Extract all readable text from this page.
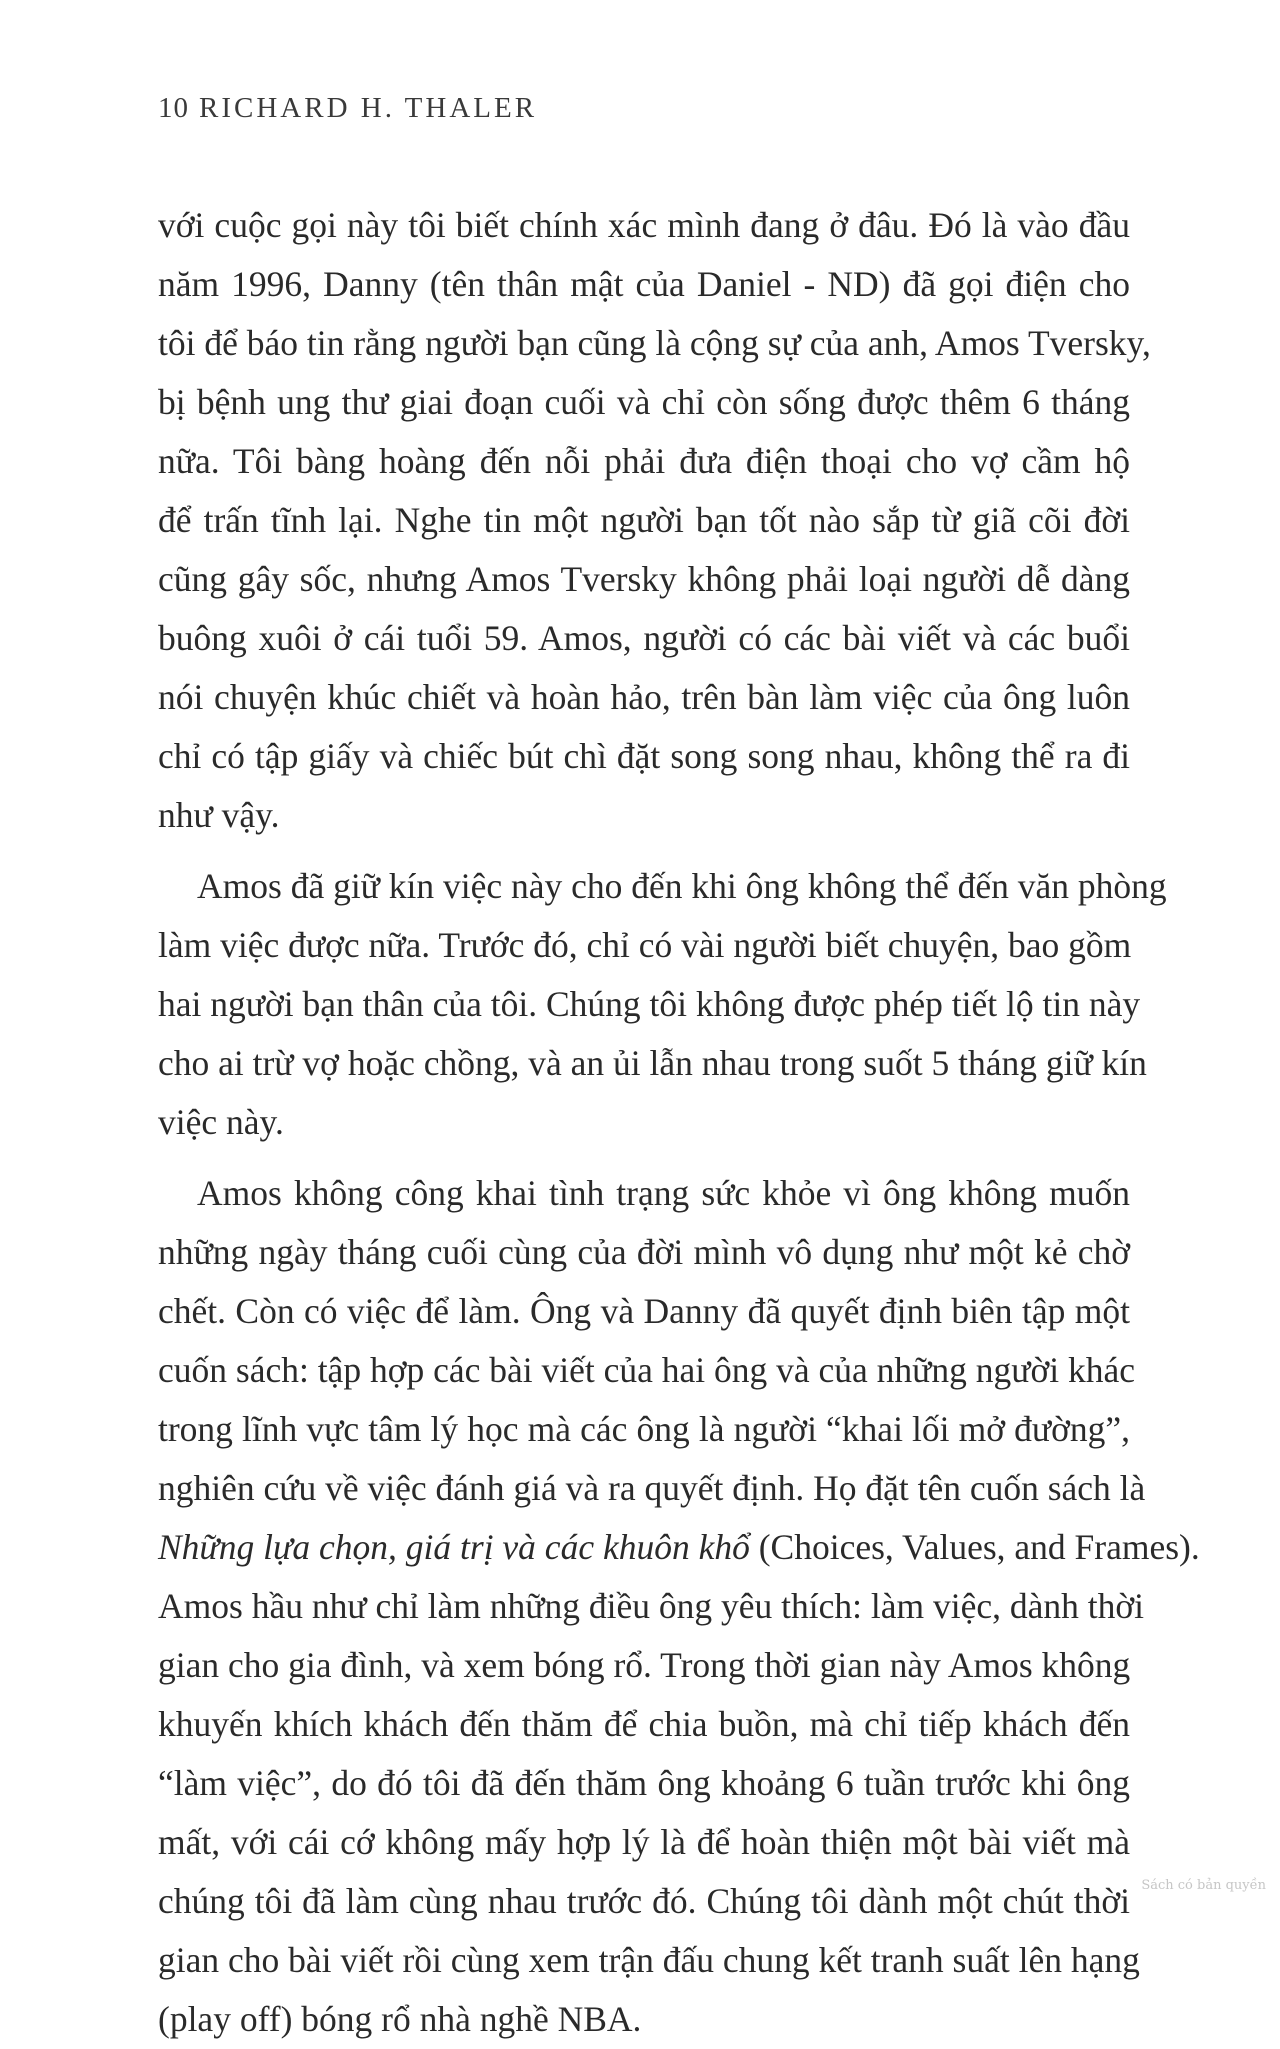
10 RICHARD H. THALER
với cuộc gọi này tôi biết chính xác mình đang ở đâu. Đó là vào đầu
năm 1996, Danny (tên thân mật của Daniel - ND) đã gọi điện cho
tôi để báo tin rằng người bạn cũng là cộng sự của anh, Amos Tversky,
bị bệnh ung thư giai đoạn cuối và chỉ còn sống được thêm 6 tháng
nữa. Tôi bàng hoàng đến nỗi phải đưa điện thoại cho vợ cầm hộ
để trấn tĩnh lại. Nghe tin một người bạn tốt nào sắp từ giã cõi đời
cũng gây sốc, nhưng Amos Tversky không phải loại người dễ dàng
buông xuôi ở cái tuổi 59. Amos, người có các bài viết và các buổi
nói chuyện khúc chiết và hoàn hảo, trên bàn làm việc của ông luôn
chỉ có tập giấy và chiếc bút chì đặt song song nhau, không thể ra đi
như vậy.
Amos đã giữ kín việc này cho đến khi ông không thể đến văn phòng
làm việc được nữa. Trước đó, chỉ có vài người biết chuyện, bao gồm
hai người bạn thân của tôi. Chúng tôi không được phép tiết lộ tin này
cho ai trừ vợ hoặc chồng, và an ủi lẫn nhau trong suốt 5 tháng giữ kín
việc này.
Amos không công khai tình trạng sức khỏe vì ông không muốn
những ngày tháng cuối cùng của đời mình vô dụng như một kẻ chờ
chết. Còn có việc để làm. Ông và Danny đã quyết định biên tập một
cuốn sách: tập hợp các bài viết của hai ông và của những người khác
trong lĩnh vực tâm lý học mà các ông là người “khai lối mở đường”,
nghiên cứu về việc đánh giá và ra quyết định. Họ đặt tên cuốn sách là
Những lựa chọn, giá trị và các khuôn khổ (Choices, Values, and Frames).
Amos hầu như chỉ làm những điều ông yêu thích: làm việc, dành thời
gian cho gia đình, và xem bóng rổ. Trong thời gian này Amos không
khuyến khích khách đến thăm để chia buồn, mà chỉ tiếp khách đến
“làm việc”, do đó tôi đã đến thăm ông khoảng 6 tuần trước khi ông
mất, với cái cớ không mấy hợp lý là để hoàn thiện một bài viết mà
chúng tôi đã làm cùng nhau trước đó. Chúng tôi dành một chút thời
gian cho bài viết rồi cùng xem trận đấu chung kết tranh suất lên hạng
(play off) bóng rổ nhà nghề NBA.
Sách có bản quyền
